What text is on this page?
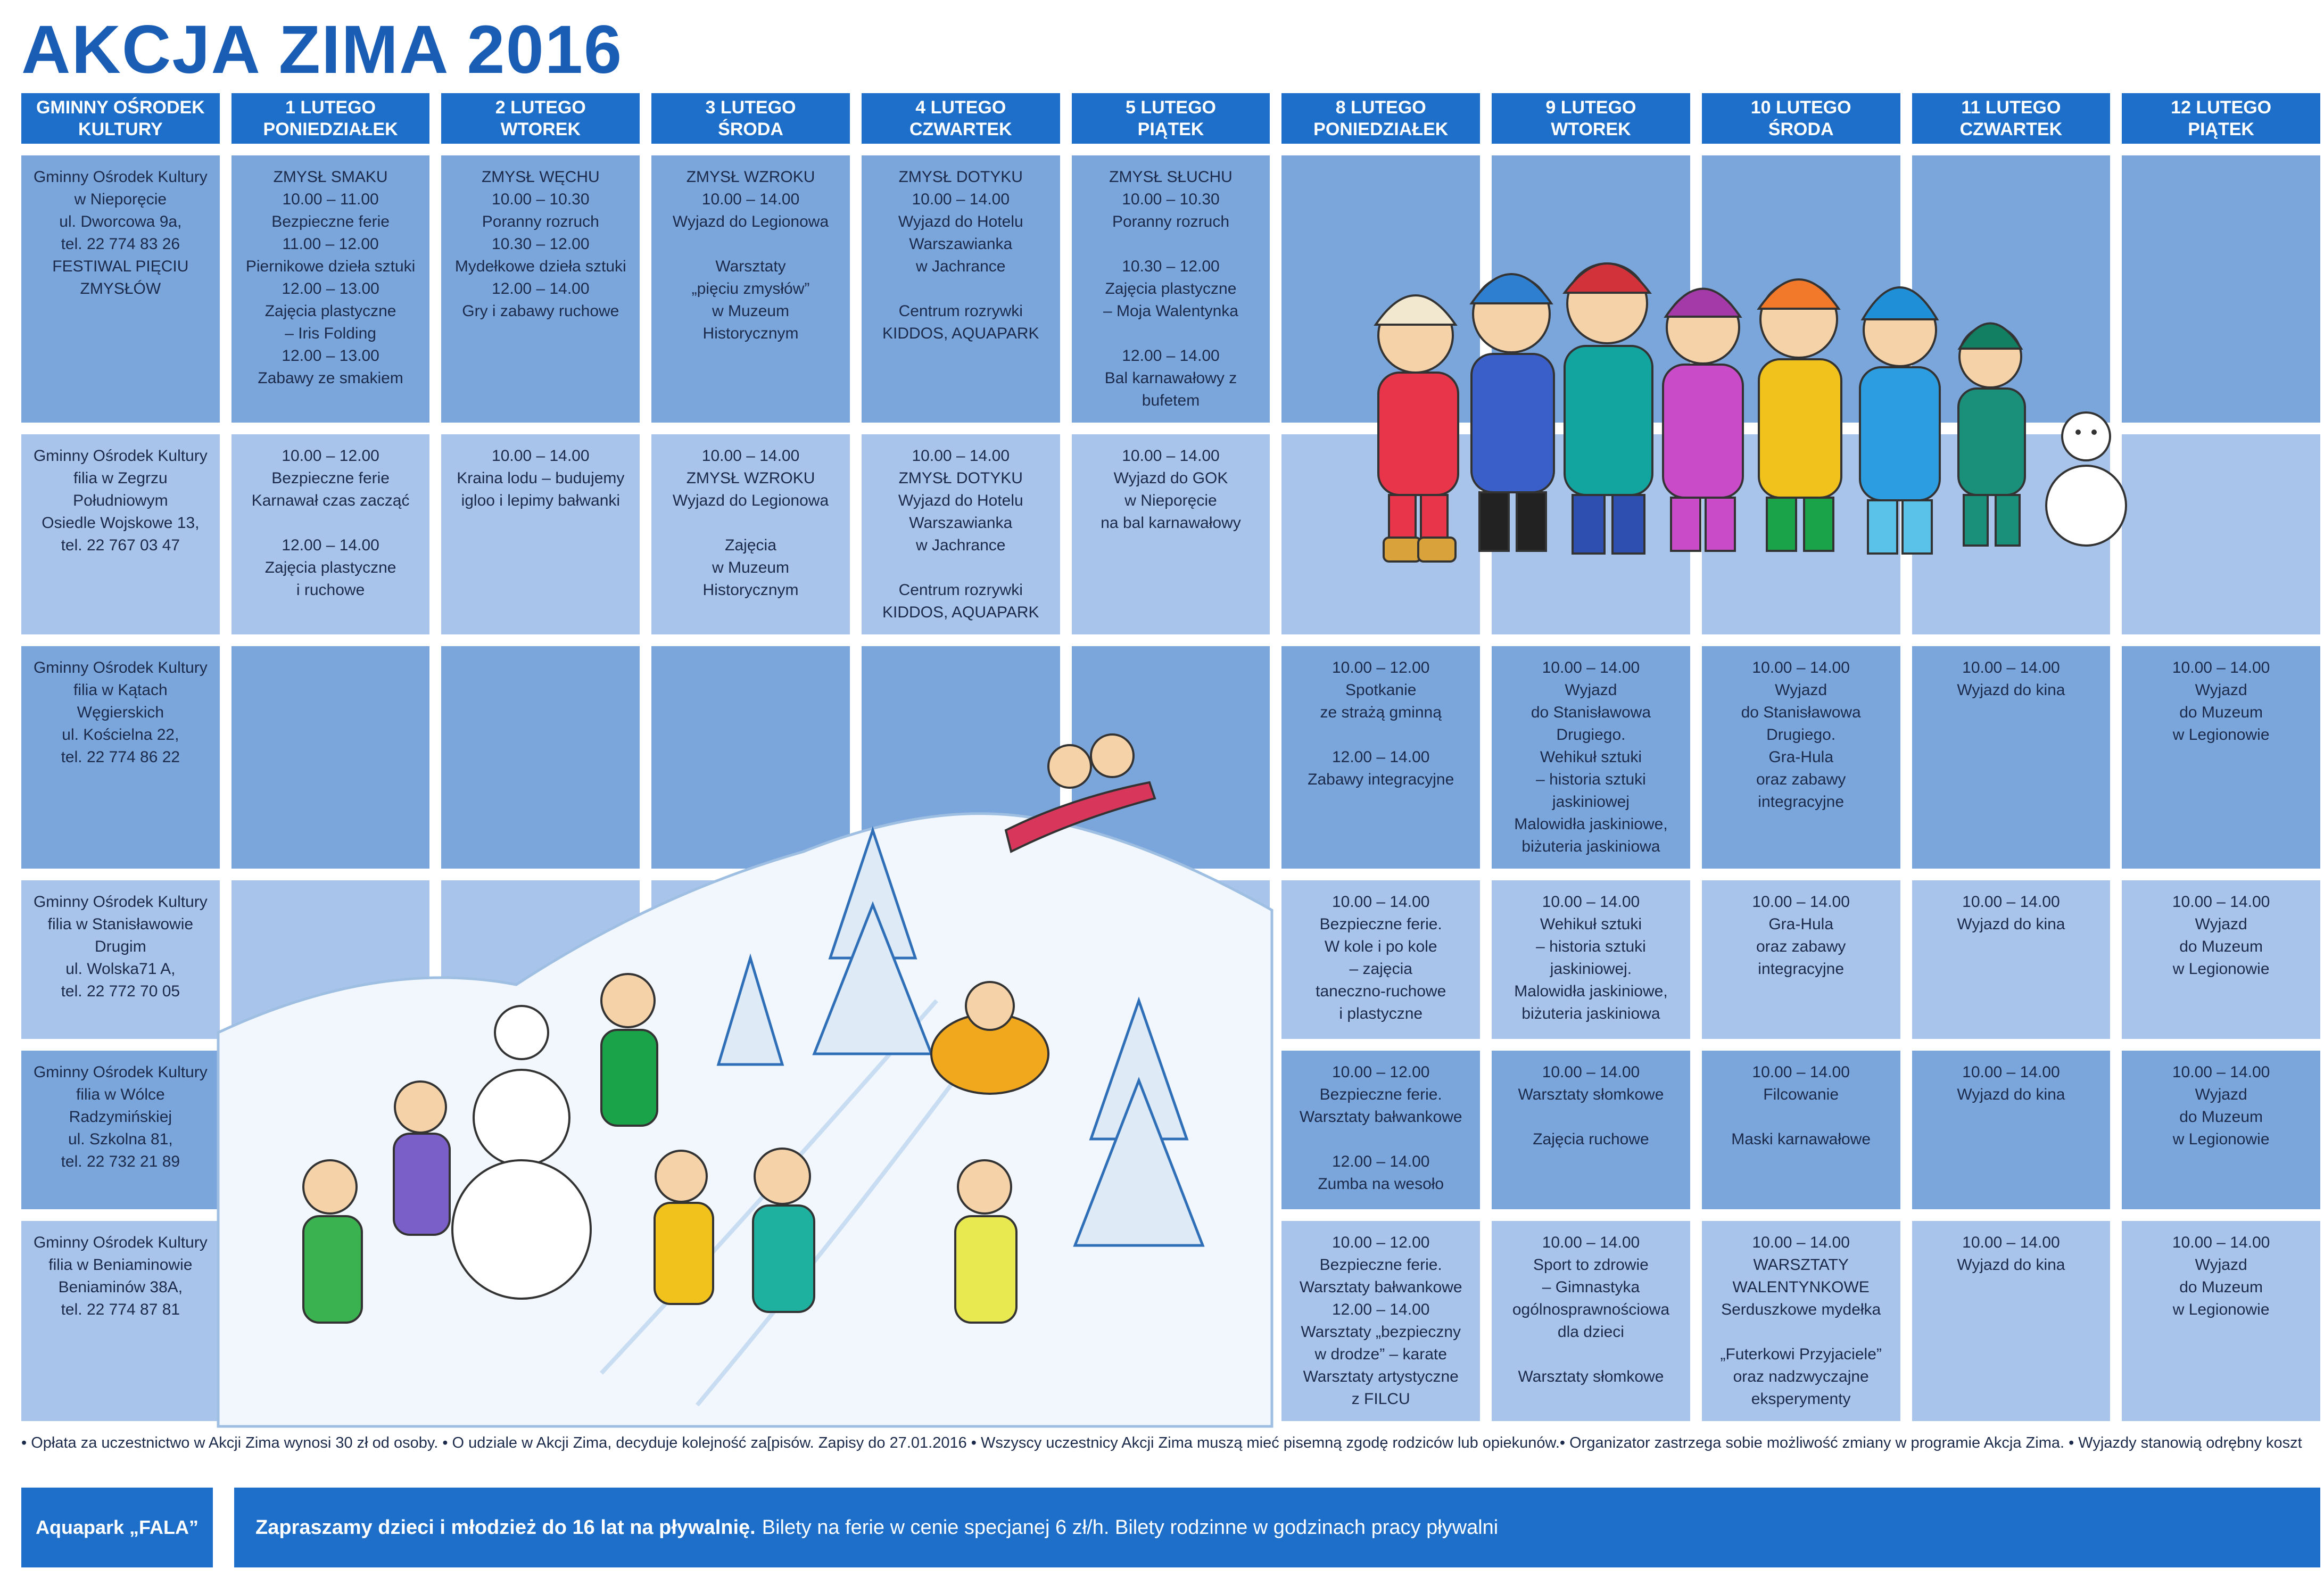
AKCJA ZIMA 2016
GMINNY OŚRODEK
KULTURY
1 LUTEGO
PONIEDZIAŁEK
2 LUTEGO
WTOREK
3 LUTEGO
ŚRODA
4 LUTEGO
CZWARTEK
5 LUTEGO
PIĄTEK
8 LUTEGO
PONIEDZIAŁEK
9 LUTEGO
WTOREK
10 LUTEGO
ŚRODA
11 LUTEGO
CZWARTEK
12 LUTEGO
PIĄTEK
Gminny Ośrodek Kultury
w Nieporęcie
ul. Dworcowa 9a,
tel. 22 774 83 26
FESTIWAL PIĘCIU ZMYSŁÓW
ZMYSŁ SMAKU
10.00 – 11.00
Bezpieczne ferie
11.00 – 12.00
Piernikowe dzieła sztuki
12.00 – 13.00
Zajęcia plastyczne
– Iris Folding
12.00 – 13.00
Zabawy ze smakiem
ZMYSŁ WĘCHU
10.00 – 10.30
Poranny rozruch
10.30 – 12.00
Mydełkowe dzieła sztuki
12.00 – 14.00
Gry i zabawy ruchowe
ZMYSŁ WZROKU
10.00 – 14.00
Wyjazd do Legionowa

Warsztaty
„pięciu zmysłów”
w Muzeum
Historycznym
ZMYSŁ DOTYKU
10.00 – 14.00
Wyjazd do Hotelu
Warszawianka
w Jachrance

Centrum rozrywki
KIDDOS, AQUAPARK
ZMYSŁ SŁUCHU
10.00 – 10.30
Poranny rozruch

10.30 – 12.00
Zajęcia plastyczne
– Moja Walentynka

12.00 – 14.00
Bal karnawałowy z bufetem
Gminny Ośrodek Kultury
filia w Zegrzu
Południowym
Osiedle Wojskowe 13,
tel. 22 767 03 47
10.00 – 12.00
Bezpieczne ferie
Karnawał czas zacząć

12.00 – 14.00
Zajęcia plastyczne
i ruchowe
10.00 – 14.00
Kraina lodu – budujemy
igloo i lepimy bałwanki
10.00 – 14.00
ZMYSŁ WZROKU
Wyjazd do Legionowa

Zajęcia
w Muzeum
Historycznym
10.00 – 14.00
ZMYSŁ DOTYKU
Wyjazd do Hotelu
Warszawianka
w Jachrance

Centrum rozrywki
KIDDOS, AQUAPARK
10.00 – 14.00
Wyjazd do GOK
w Nieporęcie
na bal karnawałowy
Gminny Ośrodek Kultury
filia w Kątach
Węgierskich
ul. Kościelna 22,
tel. 22 774 86 22
10.00 – 12.00
Spotkanie
ze strażą gminną

12.00 – 14.00
Zabawy integracyjne
10.00 – 14.00
Wyjazd
do Stanisławowa
Drugiego.
Wehikuł sztuki
– historia sztuki jaskiniowej
Malowidła jaskiniowe,
biżuteria jaskiniowa
10.00 – 14.00
Wyjazd
do Stanisławowa
Drugiego.
Gra-Hula
oraz zabawy
integracyjne
10.00 – 14.00
Wyjazd do kina
10.00 – 14.00
Wyjazd
do Muzeum
w Legionowie
Gminny Ośrodek Kultury
filia w Stanisławowie
Drugim
ul. Wolska71 A,
tel. 22 772 70 05
10.00 – 14.00
Bezpieczne ferie.
W kole i po kole
– zajęcia
taneczno-ruchowe
i plastyczne
10.00 – 14.00
Wehikuł sztuki
– historia sztuki
jaskiniowej.
Malowidła jaskiniowe,
biżuteria jaskiniowa
10.00 – 14.00
Gra-Hula
oraz zabawy
integracyjne
10.00 – 14.00
Wyjazd do kina
10.00 – 14.00
Wyjazd
do Muzeum
w Legionowie
Gminny Ośrodek Kultury
filia w Wólce
Radzymińskiej
ul. Szkolna 81,
tel. 22 732 21 89
10.00 – 12.00
Bezpieczne ferie.
Warsztaty bałwankowe

12.00 – 14.00
Zumba na wesoło
10.00 – 14.00
Warsztaty słomkowe

Zajęcia ruchowe
10.00 – 14.00
Filcowanie

Maski karnawałowe
10.00 – 14.00
Wyjazd do kina
10.00 – 14.00
Wyjazd
do Muzeum
w Legionowie
Gminny Ośrodek Kultury
filia w Beniaminowie
Beniaminów 38A,
tel. 22 774 87 81
10.00 – 12.00
Bezpieczne ferie.
Warsztaty bałwankowe
12.00 – 14.00
Warsztaty „bezpieczny
w drodze” – karate
Warsztaty artystyczne
z FILCU
10.00 – 14.00
Sport to zdrowie
– Gimnastyka
ogólnosprawnościowa
dla dzieci

Warsztaty słomkowe
10.00 – 14.00
WARSZTATY
WALENTYNKOWE
Serduszkowe mydełka

„Futerkowi Przyjaciele”
oraz nadzwyczajne
eksperymenty
10.00 – 14.00
Wyjazd do kina
10.00 – 14.00
Wyjazd
do Muzeum
w Legionowie
• Opłata za uczestnictwo w Akcji Zima wynosi 30 zł od osoby. • O udziale w Akcji Zima, decyduje kolejność za[pisów. Zapisy do 27.01.2016 • Wszyscy uczestnicy Akcji Zima muszą mieć pisemną zgodę rodziców lub opiekunów.• Organizator zastrzega sobie możliwość zmiany w programie Akcja Zima. • Wyjazdy stanowią odrębny koszt
Aquapark „FALA”	Zapraszamy dzieci i młodzież do 16 lat na pływalnię. Bilety na ferie w cenie specjanej 6 zł/h. Bilety rodzinne w godzinach pracy pływalni
